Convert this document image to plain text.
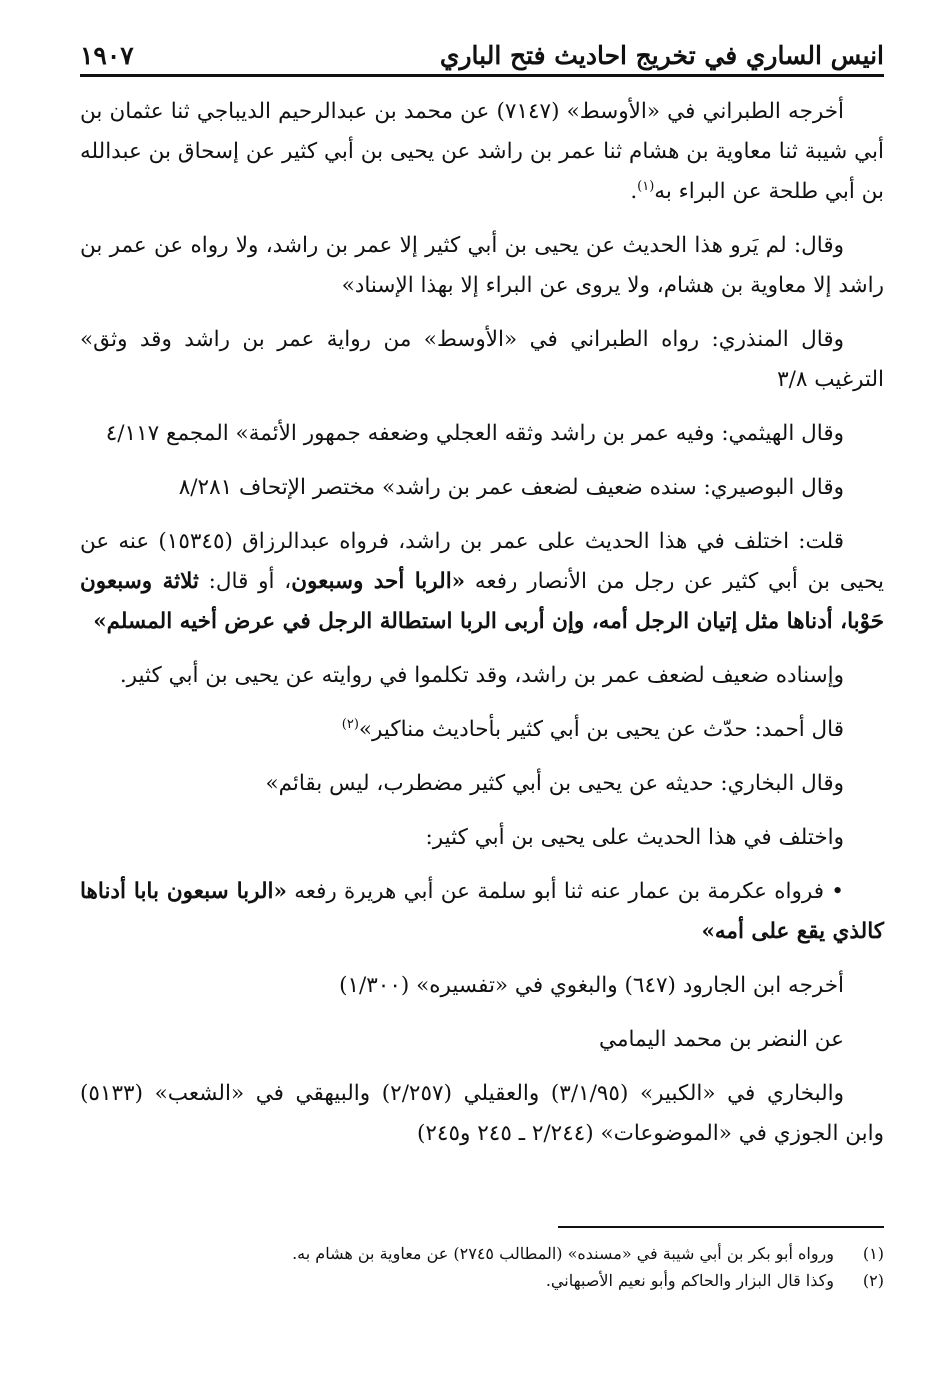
انيس الساري في تخريج احاديث فتح الباري
١٩٠٧

أخرجه الطبراني في «الأوسط» (٧١٤٧) عن محمد بن عبدالرحيم الديباجي ثنا عثمان بن أبي شيبة ثنا معاوية بن هشام ثنا عمر بن راشد عن يحيى بن أبي كثير عن إسحاق بن عبدالله بن أبي طلحة عن البراء به$^{(١)}$.

وقال: لم يَرو هذا الحديث عن يحيى بن أبي كثير إلا عمر بن راشد، ولا رواه عن عمر بن راشد إلا معاوية بن هشام، ولا يروى عن البراء إلا بهذا الإسناد»

وقال المنذري: رواه الطبراني في «الأوسط» من رواية عمر بن راشد وقد وثق» الترغيب ٣/٨

وقال الهيثمي: وفيه عمر بن راشد وثقه العجلي وضعفه جمهور الأئمة» المجمع ٤/١١٧

وقال البوصيري: سنده ضعيف لضعف عمر بن راشد» مختصر الإتحاف ٨/٢٨١

قلت: اختلف في هذا الحديث على عمر بن راشد، فرواه عبدالرزاق (١٥٣٤٥) عنه عن يحيى بن أبي كثير عن رجل من الأنصار رفعه «الربا أحد وسبعون، أو قال: ثلاثة وسبعون حَوْبا، أدناها مثل إتيان الرجل أمه، وإن أربى الربا استطالة الرجل في عرض أخيه المسلم»

وإسناده ضعيف لضعف عمر بن راشد، وقد تكلموا في روايته عن يحيى بن أبي كثير.

قال أحمد: حدّث عن يحيى بن أبي كثير بأحاديث مناكير»$^{(٢)}$

وقال البخاري: حديثه عن يحيى بن أبي كثير مضطرب، ليس بقائم»

واختلف في هذا الحديث على يحيى بن أبي كثير:

• فرواه عكرمة بن عمار عنه ثنا أبو سلمة عن أبي هريرة رفعه «الربا سبعون بابا أدناها كالذي يقع على أمه»

أخرجه ابن الجارود (٦٤٧) والبغوي في «تفسيره» (١/٣٠٠)

عن النضر بن محمد اليمامي

والبخاري في «الكبير» (٣/١/٩٥) والعقيلي (٢/٢٥٧) والبيهقي في «الشعب» (٥١٣٣) وابن الجوزي في «الموضوعات» (٢/٢٤٤ ـ ٢٤٥ و٢٤٥)

(١)
ورواه أبو بكر بن أبي شيبة في «مسنده» (المطالب ٢٧٤٥) عن معاوية بن هشام به.
(٢)
وكذا قال البزار والحاكم وأبو نعيم الأصبهاني.
